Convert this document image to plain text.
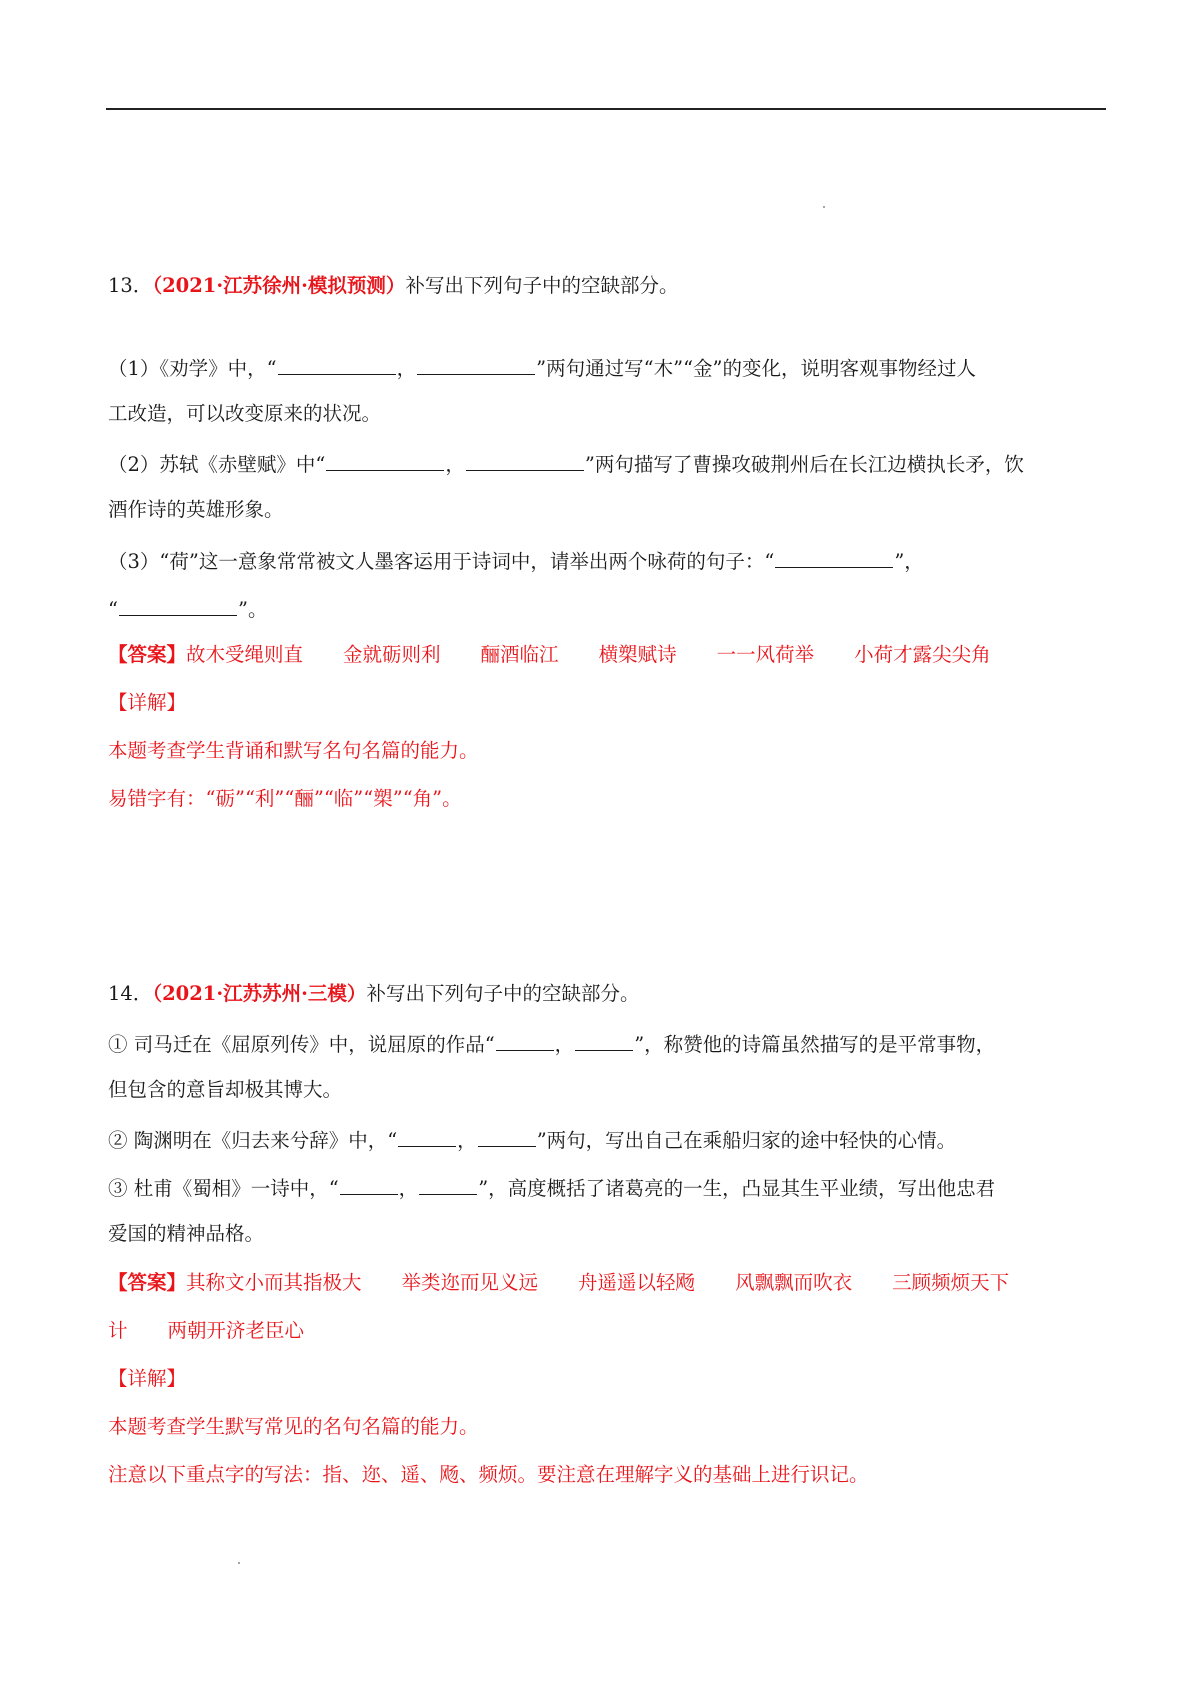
13．（2021·江苏徐州·模拟预测）补写出下列句子中的空缺部分。
（1）《劝学》中，“	，	”两句通过写“木”“金”的变化，说明客观事物经过人
工改造，可以改变原来的状况。
（2）苏轼《赤壁赋》中“	，	”两句描写了曹操攻破荆州后在长江边横执长矛，饮
酒作诗的英雄形象。
（3）“荷”这一意象常常被文人墨客运用于诗词中，请举出两个咏荷的句子：“	”，
“	”。
【答案】故木受绳则直 金就砺则利 酾酒临江 横槊赋诗 一一风荷举 小荷才露尖尖角
【详解】
本题考查学生背诵和默写名句名篇的能力。
易错字有：“砺”“利”“酾”“临”“槊”“角”。
14．（2021·江苏苏州·三模）补写出下列句子中的空缺部分。
① 司马迁在《屈原列传》中，说屈原的作品“	，	”，称赞他的诗篇虽然描写的是平常事物，
但包含的意旨却极其博大。
② 陶渊明在《归去来兮辞》中，“	，	”两句，写出自己在乘船归家的途中轻快的心情。
③ 杜甫《蜀相》一诗中，“	，	”，高度概括了诸葛亮的一生，凸显其生平业绩，写出他忠君
爱国的精神品格。
【答案】其称文小而其指极大 举类迩而见义远 舟遥遥以轻飏 风飘飘而吹衣 三顾频烦天下
计 两朝开济老臣心
【详解】
本题考查学生默写常见的名句名篇的能力。
注意以下重点字的写法：指、迩、遥、飏、频烦。要注意在理解字义的基础上进行识记。
